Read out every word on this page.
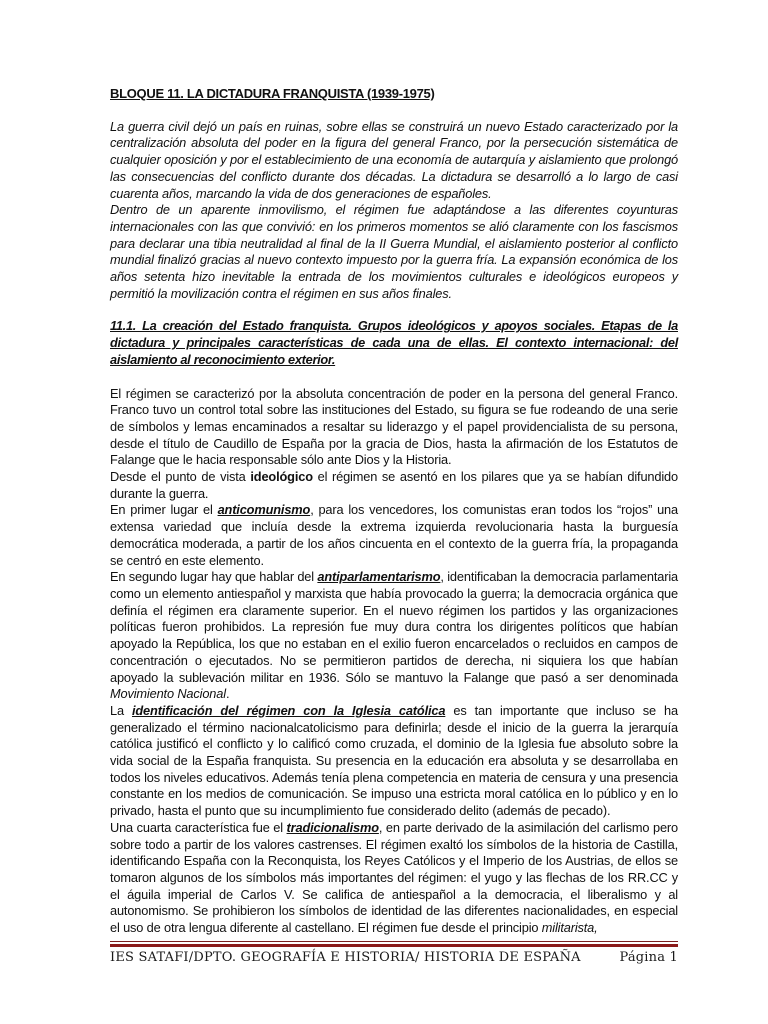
BLOQUE 11. LA DICTADURA FRANQUISTA (1939-1975)

La guerra civil dejó un país en ruinas, sobre ellas se construirá un nuevo Estado caracterizado por la centralización absoluta del poder en la figura del general Franco, por la persecución sistemática de cualquier oposición y por el establecimiento de una economía de autarquía y aislamiento que prolongó las consecuencias del conflicto durante dos décadas. La dictadura se desarrolló a lo largo de casi cuarenta años, marcando la vida de dos generaciones de españoles.

Dentro de un aparente inmovilismo, el régimen fue adaptándose a las diferentes coyunturas internacionales con las que convivió: en los primeros momentos se alió claramente con los fascismos para declarar una tibia neutralidad al final de la II Guerra Mundial, el aislamiento posterior al conflicto mundial finalizó gracias al nuevo contexto impuesto por la guerra fría. La expansión económica de los años setenta hizo inevitable la entrada de los movimientos culturales e ideológicos europeos y permitió la movilización contra el régimen en sus años finales.

11.1. La creación del Estado franquista. Grupos ideológicos y apoyos sociales. Etapas de la dictadura y principales características de cada una de ellas. El contexto internacional: del aislamiento al reconocimiento exterior.

El régimen se caracterizó por la absoluta concentración de poder en la persona del general Franco. Franco tuvo un control total sobre las instituciones del Estado, su figura se fue rodeando de una serie de símbolos y lemas encaminados a resaltar su liderazgo y el papel providencialista de su persona, desde el título de Caudillo de España por la gracia de Dios, hasta la afirmación de los Estatutos de Falange que le hacia responsable sólo ante Dios y la Historia.

Desde el punto de vista ideológico el régimen se asentó en los pilares que ya se habían difundido durante la guerra.

En primer lugar el anticomunismo, para los vencedores, los comunistas eran todos los “rojos” una extensa variedad que incluía desde la extrema izquierda revolucionaria hasta la burguesía democrática moderada, a partir de los años cincuenta en el contexto de la guerra fría, la propaganda se centró en este elemento.

En segundo lugar hay que hablar del antiparlamentarismo, identificaban la democracia parlamentaria como un elemento antiespañol y marxista que había provocado la guerra; la democracia orgánica que definía el régimen era claramente superior. En el nuevo régimen los partidos y las organizaciones políticas fueron prohibidos. La represión fue muy dura contra los dirigentes políticos que habían apoyado la República, los que no estaban en el exilio fueron encarcelados o recluidos en campos de concentración o ejecutados. No se permitieron partidos de derecha, ni siquiera los que habían apoyado la sublevación militar en 1936. Sólo se mantuvo la Falange que pasó a ser denominada Movimiento Nacional.

La identificación del régimen con la Iglesia católica es tan importante que incluso se ha generalizado el término nacionalcatolicismo para definirla; desde el inicio de la guerra la jerarquía católica justificó el conflicto y lo calificó como cruzada, el dominio de la Iglesia fue absoluto sobre la vida social de la España franquista. Su presencia en la educación era absoluta y se desarrollaba en todos los niveles educativos. Además tenía plena competencia en materia de censura y una presencia constante en los medios de comunicación. Se impuso una estricta moral católica en lo público y en lo privado, hasta el punto que su incumplimiento fue considerado delito (además de pecado).

Una cuarta característica fue el tradicionalismo, en parte derivado de la asimilación del carlismo pero sobre todo a partir de los valores castrenses. El régimen exaltó los símbolos de la historia de Castilla, identificando España con la Reconquista, los Reyes Católicos y el Imperio de los Austrias, de ellos se tomaron algunos de los símbolos más importantes del régimen: el yugo y las flechas de los RR.CC y el águila imperial de Carlos V. Se califica de antiespañol a la democracia, el liberalismo y al autonomismo. Se prohibieron los símbolos de identidad de las diferentes nacionalidades, en especial el uso de otra lengua diferente al castellano. El régimen fue desde el principio militarista,

IES SATAFI/DPTO. GEOGRAFÍA E HISTORIA/ HISTORIA DE ESPAÑA	Página 1
